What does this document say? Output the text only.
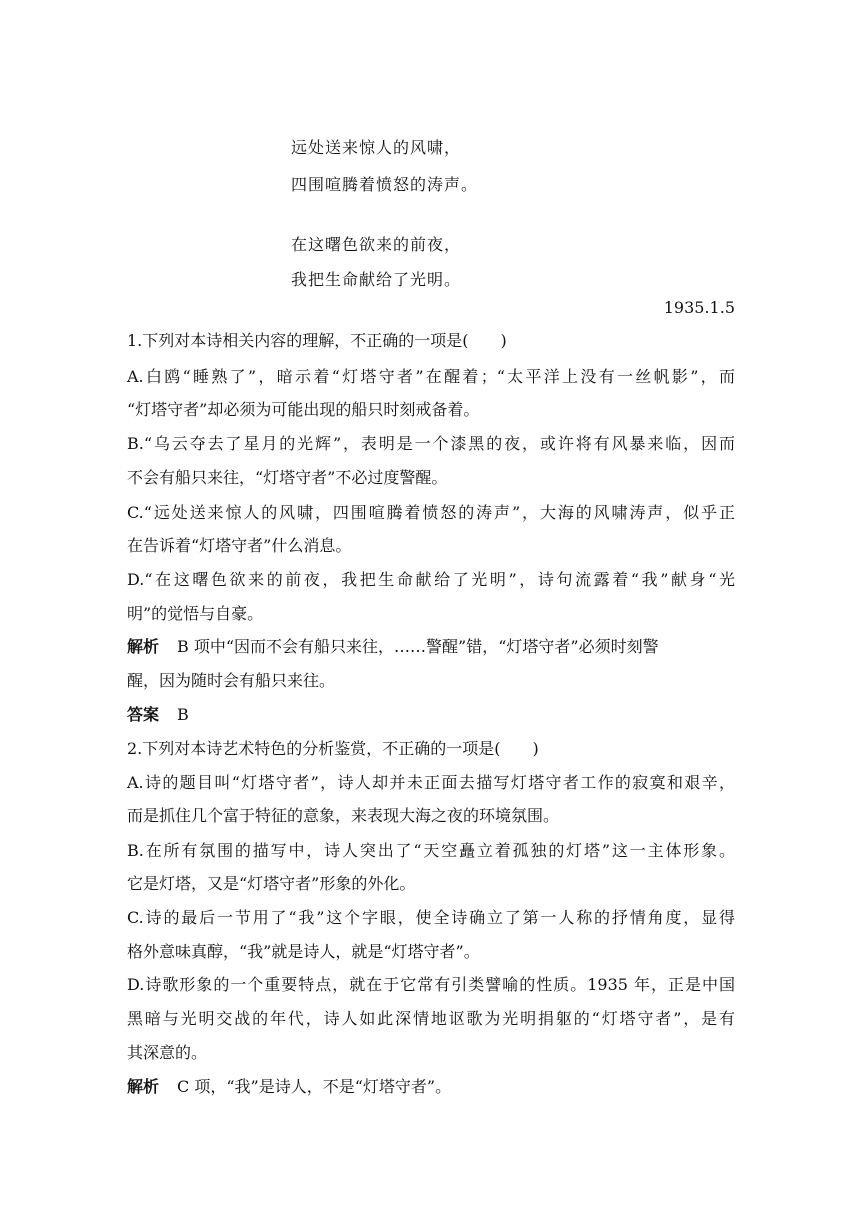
远处送来惊人的风啸，
四围喧腾着愤怒的涛声。
在这曙色欲来的前夜，
我把生命献给了光明。
1935.1.5
1.下列对本诗相关内容的理解，不正确的一项是(　　)
A.白鸥“睡熟了”，暗示着“灯塔守者”在醒着；“太平洋上没有一丝帆影”，而
“灯塔守者”却必须为可能出现的船只时刻戒备着。
B.“乌云夺去了星月的光辉”，表明是一个漆黑的夜，或许将有风暴来临，因而
不会有船只来往，“灯塔守者”不必过度警醒。
C.“远处送来惊人的风啸，四围喧腾着愤怒的涛声”，大海的风啸涛声，似乎正
在告诉着“灯塔守者”什么消息。
D.“在这曙色欲来的前夜，我把生命献给了光明”，诗句流露着“我”献身“光
明”的觉悟与自豪。
解析 B 项中“因而不会有船只来往，……警醒”错，“灯塔守者”必须时刻警
醒，因为随时会有船只来往。
答案 B
2.下列对本诗艺术特色的分析鉴赏，不正确的一项是(　　)
A.诗的题目叫“灯塔守者”，诗人却并未正面去描写灯塔守者工作的寂寞和艰辛，
而是抓住几个富于特征的意象，来表现大海之夜的环境氛围。
B.在所有氛围的描写中，诗人突出了“天空矗立着孤独的灯塔”这一主体形象。
它是灯塔，又是“灯塔守者”形象的外化。
C.诗的最后一节用了“我”这个字眼，使全诗确立了第一人称的抒情角度，显得
格外意味真醇，“我”就是诗人，就是“灯塔守者”。
D.诗歌形象的一个重要特点，就在于它常有引类譬喻的性质。1935 年，正是中国
黑暗与光明交战的年代，诗人如此深情地讴歌为光明捐躯的“灯塔守者”，是有
其深意的。
解析 C 项，“我”是诗人，不是“灯塔守者”。
